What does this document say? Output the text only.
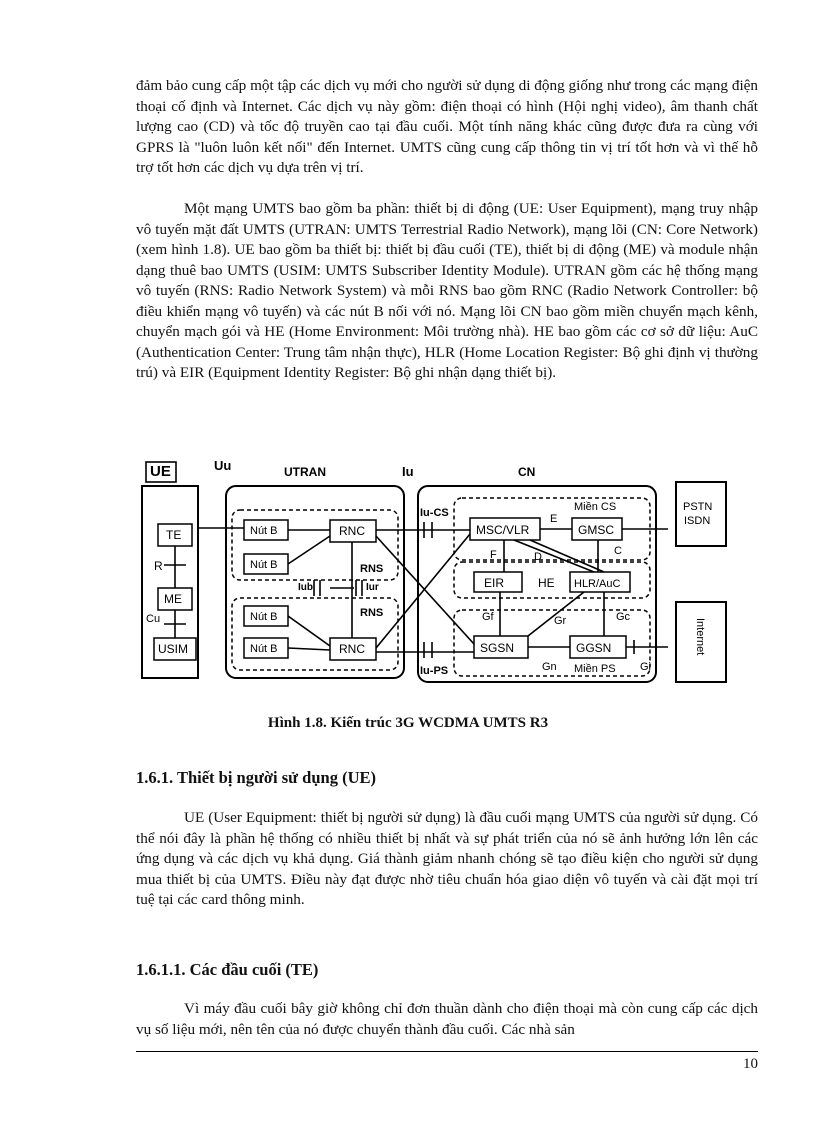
đảm bảo cung cấp một tập các dịch vụ mới cho người sử dụng di động giống như trong các mạng điện thoại cố định và Internet. Các dịch vụ này gồm: điện thoại có hình (Hội nghị video), âm thanh chất lượng cao (CD) và tốc độ truyền cao tại đầu cuối. Một tính năng khác cũng được đưa ra cùng với GPRS là "luôn luôn kết nối" đến Internet. UMTS cũng cung cấp thông tin vị trí tốt hơn và vì thế hỗ trợ tốt hơn các dịch vụ dựa trên vị trí.

Một mạng UMTS bao gồm ba phần: thiết bị di động (UE: User Equipment), mạng truy nhập vô tuyến mặt đất UMTS (UTRAN: UMTS Terrestrial Radio Network), mạng lõi (CN: Core Network) (xem hình 1.8). UE bao gồm ba thiết bị: thiết bị đầu cuối (TE), thiết bị di động (ME) và module nhận dạng thuê bao UMTS (USIM: UMTS Subscriber Identity Module). UTRAN gồm các hệ thống mạng vô tuyến (RNS: Radio Network System) và mỗi RNS bao gồm RNC (Radio Network Controller: bộ điều khiển mạng vô tuyến) và các nút B nối với nó. Mạng lõi CN bao gồm miền chuyển mạch kênh, chuyển mạch gói và HE (Home Environment: Môi trường nhà). HE bao gồm các cơ sở dữ liệu: AuC (Authentication Center: Trung tâm nhận thực), HLR (Home Location Register: Bộ ghi định vị thường trú) và EIR (Equipment Identity Register: Bộ ghi nhận dạng thiết bị).

UE	Uu	UTRAN	Iu	CN
TE
R
ME
Cu
USIM
Nút B
Nút B
Nút B
Nút B
RNC
RNC
RNS
RNS
Iub	Iur
Iu-CS
Iu-PS
Miền CS
MSC/VLR	GMSC
E
C
F	D
EIR	HE HLR/AuC
Gf	Gr	Gc
SGSN	GGSN
Gn Miền PS Gi
PSTN
ISDN
Internet

Hình 1.8. Kiến trúc 3G WCDMA UMTS R3

1.6.1. Thiết bị người sử dụng (UE)

UE (User Equipment: thiết bị người sử dụng) là đầu cuối mạng UMTS của người sử dụng. Có thể nói đây là phần hệ thống có nhiều thiết bị nhất và sự phát triển của nó sẽ ảnh hưởng lớn lên các ứng dụng và các dịch vụ khả dụng. Giá thành giảm nhanh chóng sẽ tạo điều kiện cho người sử dụng mua thiết bị của UMTS. Điều này đạt được nhờ tiêu chuẩn hóa giao diện vô tuyến và cài đặt mọi trí tuệ tại các card thông minh.

1.6.1.1. Các đầu cuối (TE)

Vì máy đầu cuối bây giờ không chỉ đơn thuần dành cho điện thoại mà còn cung cấp các dịch vụ số liệu mới, nên tên của nó được chuyển thành đầu cuối. Các nhà sản

10
